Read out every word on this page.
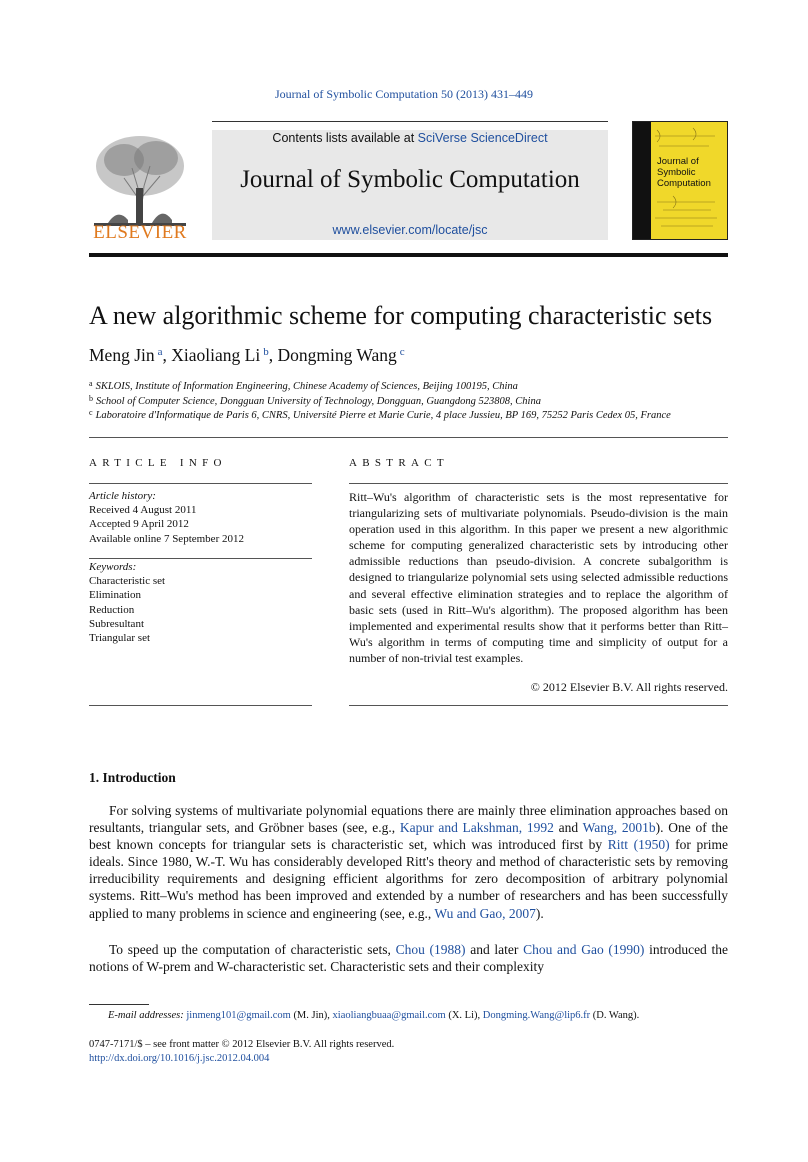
Journal of Symbolic Computation 50 (2013) 431–449
ELSEVIER
Contents lists available at SciVerse ScienceDirect
Journal of Symbolic Computation
www.elsevier.com/locate/jsc
Journal of
Symbolic
Computation
A new algorithmic scheme for computing characteristic sets
Meng Jin $^a$, Xiaoliang Li $^b$, Dongming Wang $^c$
$^a$ SKLOIS, Institute of Information Engineering, Chinese Academy of Sciences, Beijing 100195, China
$^b$ School of Computer Science, Dongguan University of Technology, Dongguan, Guangdong 523808, China
$^c$ Laboratoire d'Informatique de Paris 6, CNRS, Université Pierre et Marie Curie, 4 place Jussieu, BP 169, 75252 Paris Cedex 05, France
ARTICLE INFO
Article history:
Received 4 August 2011
Accepted 9 April 2012
Available online 7 September 2012
Keywords:
Characteristic set
Elimination
Reduction
Subresultant
Triangular set
ABSTRACT
Ritt–Wu's algorithm of characteristic sets is the most representative for triangularizing sets of multivariate polynomials. Pseudo-division is the main operation used in this algorithm. In this paper we present a new algorithmic scheme for computing generalized characteristic sets by introducing other admissible reductions than pseudo-division. A concrete subalgorithm is designed to triangularize polynomial sets using selected admissible reductions and several effective elimination strategies and to replace the algorithm of basic sets (used in Ritt–Wu's algorithm). The proposed algorithm has been implemented and experimental results show that it performs better than Ritt–Wu's algorithm in terms of computing time and simplicity of output for a number of non-trivial test examples.
© 2012 Elsevier B.V. All rights reserved.
1. Introduction
For solving systems of multivariate polynomial equations there are mainly three elimination approaches based on resultants, triangular sets, and Gröbner bases (see, e.g., Kapur and Lakshman, 1992 and Wang, 2001b). One of the best known concepts for triangular sets is characteristic set, which was introduced first by Ritt (1950) for prime ideals. Since 1980, W.-T. Wu has considerably developed Ritt's theory and method of characteristic sets by removing irreducibility requirements and designing efficient algorithms for zero decomposition of arbitrary polynomial systems. Ritt–Wu's method has been improved and extended by a number of researchers and has been successfully applied to many problems in science and engineering (see, e.g., Wu and Gao, 2007).
To speed up the computation of characteristic sets, Chou (1988) and later Chou and Gao (1990) introduced the notions of W-prem and W-characteristic set. Characteristic sets and their complexity
E-mail addresses: jinmeng101@gmail.com (M. Jin), xiaoliangbuaa@gmail.com (X. Li), Dongming.Wang@lip6.fr (D. Wang).
0747-7171/$ – see front matter © 2012 Elsevier B.V. All rights reserved.
http://dx.doi.org/10.1016/j.jsc.2012.04.004
